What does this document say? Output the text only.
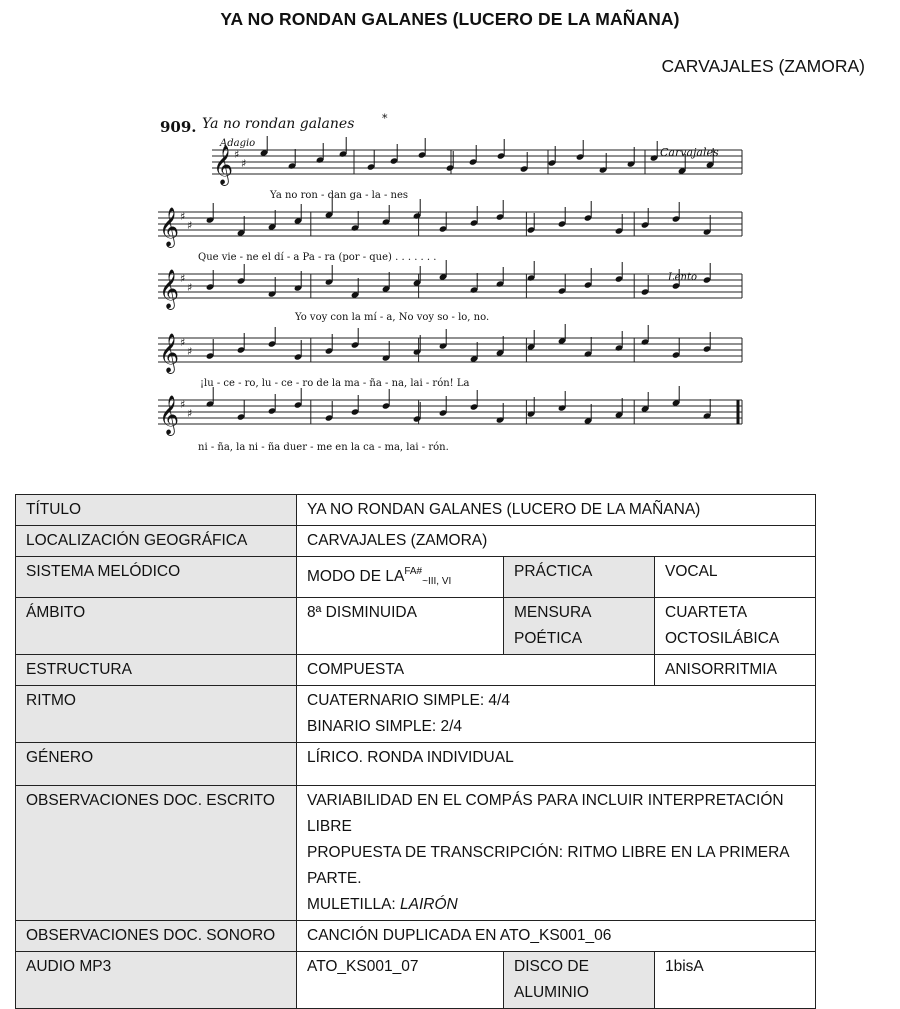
YA NO RONDAN GALANES (LUCERO DE LA MAÑANA)
CARVAJALES (ZAMORA)
909. Ya no rondan galanes	*
Adagio
Carvajales
Lento
𝄞 ♯
♯
𝄞 ♯
♯
𝄞 ♯
♯
𝄞 ♯
♯
𝄞 ♯
♯
Ya no ron - dan ga - la - nes
Que vie - ne el dí - a Pa - ra (por - que) . . . . . . .
Yo voy con la mí - a, No voy so - lo, no.
¡lu - ce - ro, lu - ce - ro de la ma - ña - na, lai - rón! La
ni - ña, la ni - ña duer - me en la ca - ma, lai - rón.
TÍTULO	YA NO RONDAN GALANES (LUCERO DE LA MAÑANA)		
LOCALIZACIÓN GEOGRÁFICA	CARVAJALES (ZAMORA)		
SISTEMA MELÓDICO	MODO DE $LA^{FA\#}_{\sim III, VI}$	PRÁCTICA	VOCAL
ÁMBITO	8ª DISMINUIDA	MENSURA POÉTICA	CUARTETA OCTOSILÁBICA
ESTRUCTURA	COMPUESTA		ANISORRITMIA
RITMO	CUATERNARIO SIMPLE: 4/4
BINARIO SIMPLE: 2/4		

GÉNERO	LÍRICO. RONDA INDIVIDUAL		
OBSERVACIONES DOC. ESCRITO	VARIABILIDAD EN EL COMPÁS PARA INCLUIR INTERPRETACIÓN LIBRE
PROPUESTA DE TRANSCRIPCIÓN: RITMO LIBRE EN LA PRIMERA PARTE.
MULETILLA: LAIRÓN		

OBSERVACIONES DOC. SONORO	CANCIÓN DUPLICADA EN ATO_KS001_06		
AUDIO MP3	ATO_KS001_07	DISCO DE ALUMINIO	1bisA
